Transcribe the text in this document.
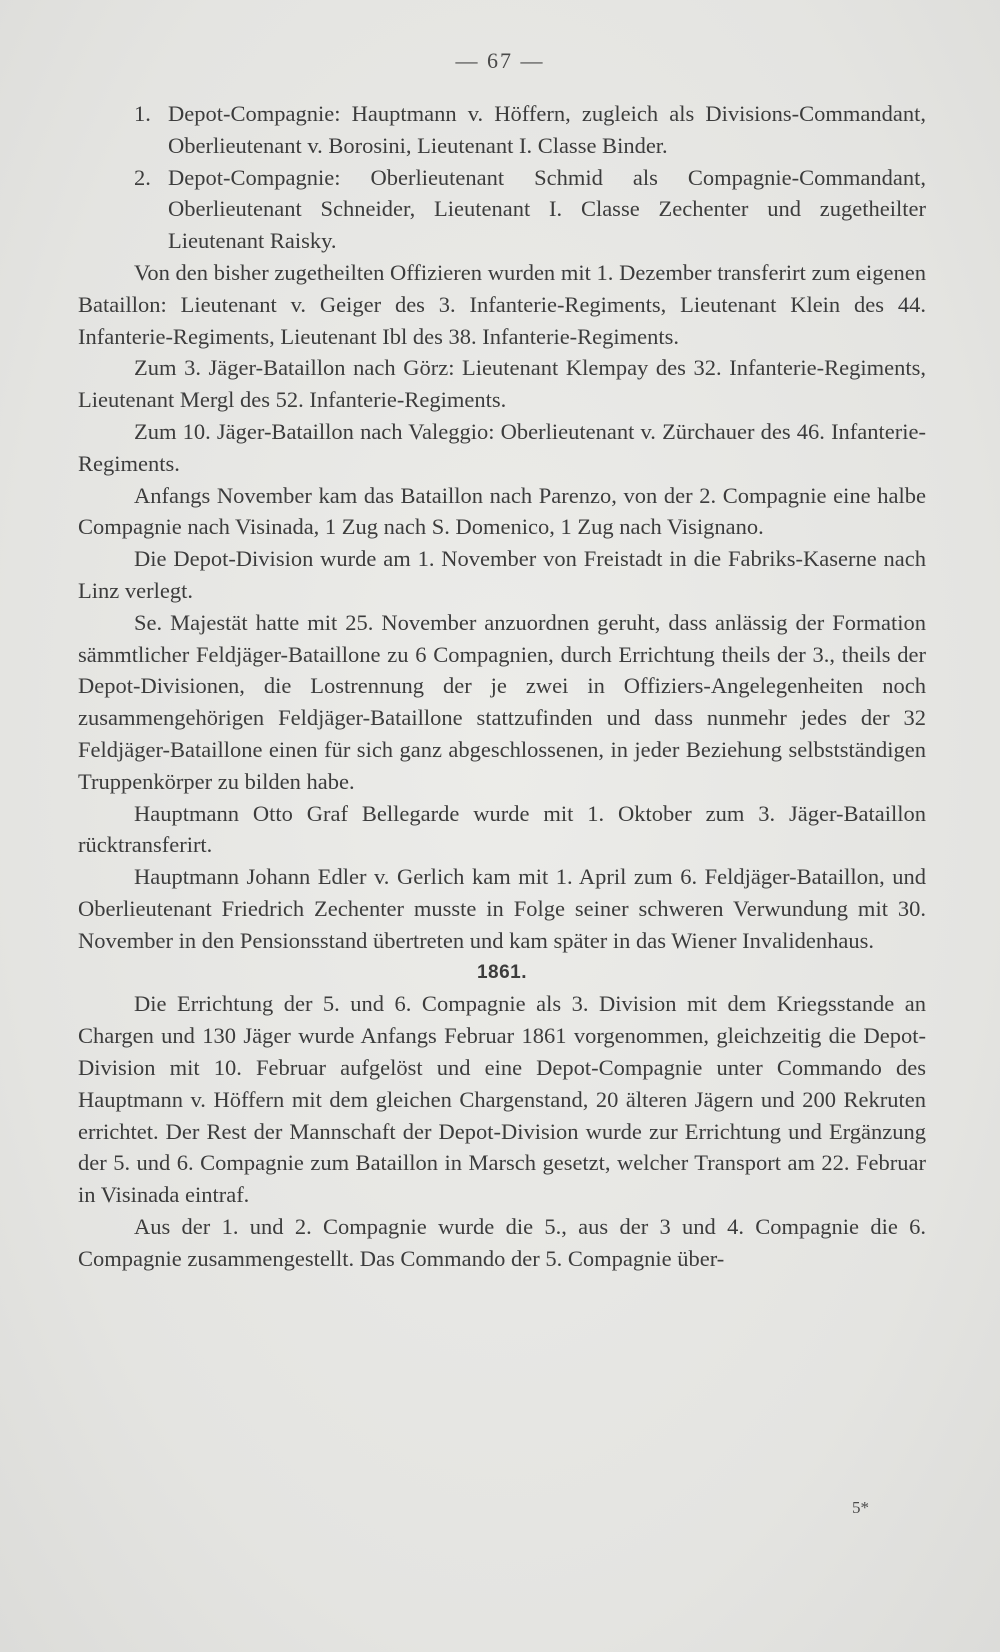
— 67 —

1. Depot-Compagnie: Hauptmann v. Höffern, zugleich als Divisions-Commandant, Oberlieutenant v. Borosini, Lieutenant I. Classe Binder.

2. Depot-Compagnie: Oberlieutenant Schmid als Compagnie-Commandant, Oberlieutenant Schneider, Lieutenant I. Classe Zechenter und zugetheilter Lieutenant Raisky.

Von den bisher zugetheilten Offizieren wurden mit 1. Dezember transferirt zum eigenen Bataillon: Lieutenant v. Geiger des 3. Infanterie-Regiments, Lieutenant Klein des 44. Infanterie-Regiments, Lieutenant Ibl des 38. Infanterie-Regiments.

Zum 3. Jäger-Bataillon nach Görz: Lieutenant Klempay des 32. Infanterie-Regiments, Lieutenant Mergl des 52. Infanterie-Regiments.

Zum 10. Jäger-Bataillon nach Valeggio: Oberlieutenant v. Zürchauer des 46. Infanterie-Regiments.

Anfangs November kam das Bataillon nach Parenzo, von der 2. Compagnie eine halbe Compagnie nach Visinada, 1 Zug nach S. Domenico, 1 Zug nach Visignano.

Die Depot-Division wurde am 1. November von Freistadt in die Fabriks-Kaserne nach Linz verlegt.

Se. Majestät hatte mit 25. November anzuordnen geruht, dass anlässig der Formation sämmtlicher Feldjäger-Bataillone zu 6 Compagnien, durch Errichtung theils der 3., theils der Depot-Divisionen, die Lostrennung der je zwei in Offiziers-Angelegenheiten noch zusammengehörigen Feldjäger-Bataillone stattzufinden und dass nunmehr jedes der 32 Feldjäger-Bataillone einen für sich ganz abgeschlossenen, in jeder Beziehung selbstständigen Truppenkörper zu bilden habe.

Hauptmann Otto Graf Bellegarde wurde mit 1. Oktober zum 3. Jäger-Bataillon rücktransferirt.

Hauptmann Johann Edler v. Gerlich kam mit 1. April zum 6. Feldjäger-Bataillon, und Oberlieutenant Friedrich Zechenter musste in Folge seiner schweren Verwundung mit 30. November in den Pensionsstand übertreten und kam später in das Wiener Invalidenhaus.

1861.

Die Errichtung der 5. und 6. Compagnie als 3. Division mit dem Kriegsstande an Chargen und 130 Jäger wurde Anfangs Februar 1861 vorgenommen, gleichzeitig die Depot-Division mit 10. Februar aufgelöst und eine Depot-Compagnie unter Commando des Hauptmann v. Höffern mit dem gleichen Chargenstand, 20 älteren Jägern und 200 Rekruten errichtet. Der Rest der Mannschaft der Depot-Division wurde zur Errichtung und Ergänzung der 5. und 6. Compagnie zum Bataillon in Marsch gesetzt, welcher Transport am 22. Februar in Visinada eintraf.

Aus der 1. und 2. Compagnie wurde die 5., aus der 3 und 4. Compagnie die 6. Compagnie zusammengestellt. Das Commando der 5. Compagnie über-

5*
